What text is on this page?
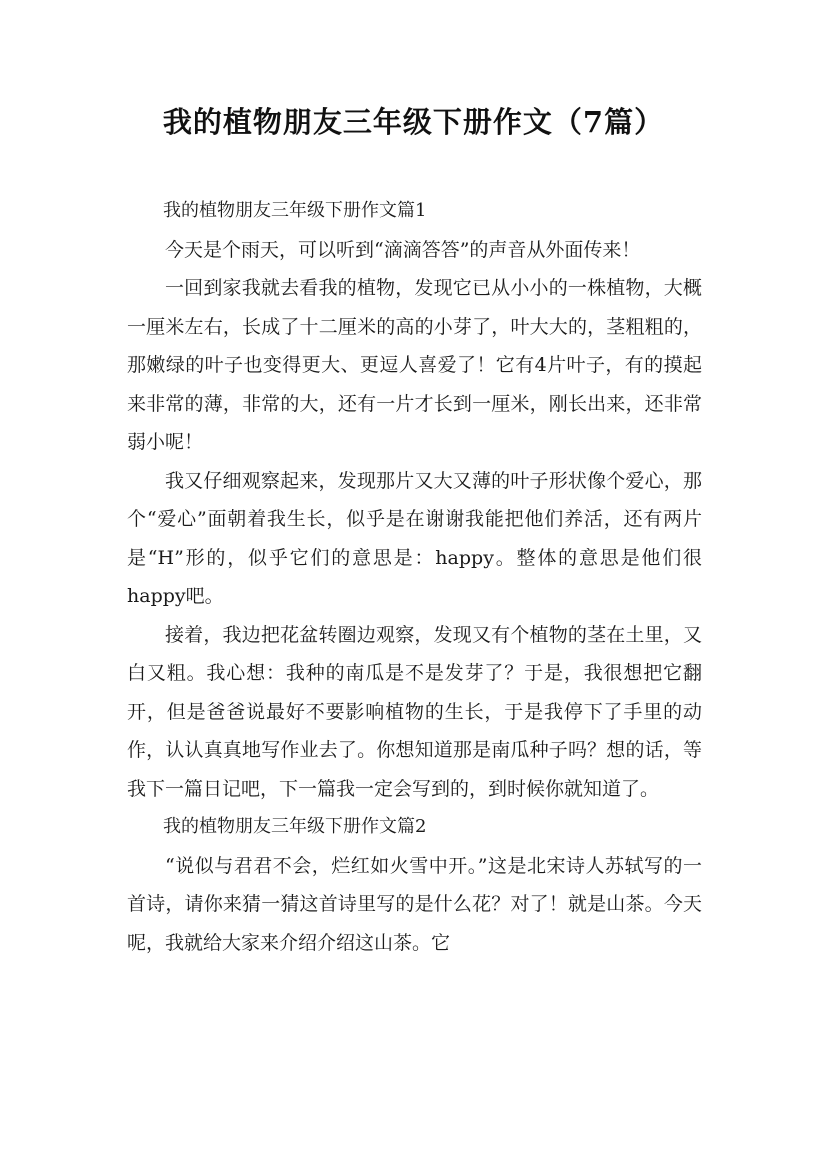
我的植物朋友三年级下册作文（7篇）

我的植物朋友三年级下册作文篇1

今天是个雨天，可以听到“滴滴答答”的声音从外面传来！

一回到家我就去看我的植物，发现它已从小小的一株植物，大概一厘米左右，长成了十二厘米的高的小芽了，叶大大的，茎粗粗的，那嫩绿的叶子也变得更大、更逗人喜爱了！它有4片叶子，有的摸起来非常的薄，非常的大，还有一片才长到一厘米，刚长出来，还非常弱小呢！

我又仔细观察起来，发现那片又大又薄的叶子形状像个爱心，那个“爱心”面朝着我生长，似乎是在谢谢我能把他们养活，还有两片是“H”形的，似乎它们的意思是：happy。整体的意思是他们很happy吧。

接着，我边把花盆转圈边观察，发现又有个植物的茎在土里，又白又粗。我心想：我种的南瓜是不是发芽了？于是，我很想把它翻开，但是爸爸说最好不要影响植物的生长，于是我停下了手里的动作，认认真真地写作业去了。你想知道那是南瓜种子吗？想的话，等我下一篇日记吧，下一篇我一定会写到的，到时候你就知道了。

我的植物朋友三年级下册作文篇2

“说似与君君不会，烂红如火雪中开。”这是北宋诗人苏轼写的一首诗，请你来猜一猜这首诗里写的是什么花？对了！就是山茶。今天呢，我就给大家来介绍介绍这山茶。它
